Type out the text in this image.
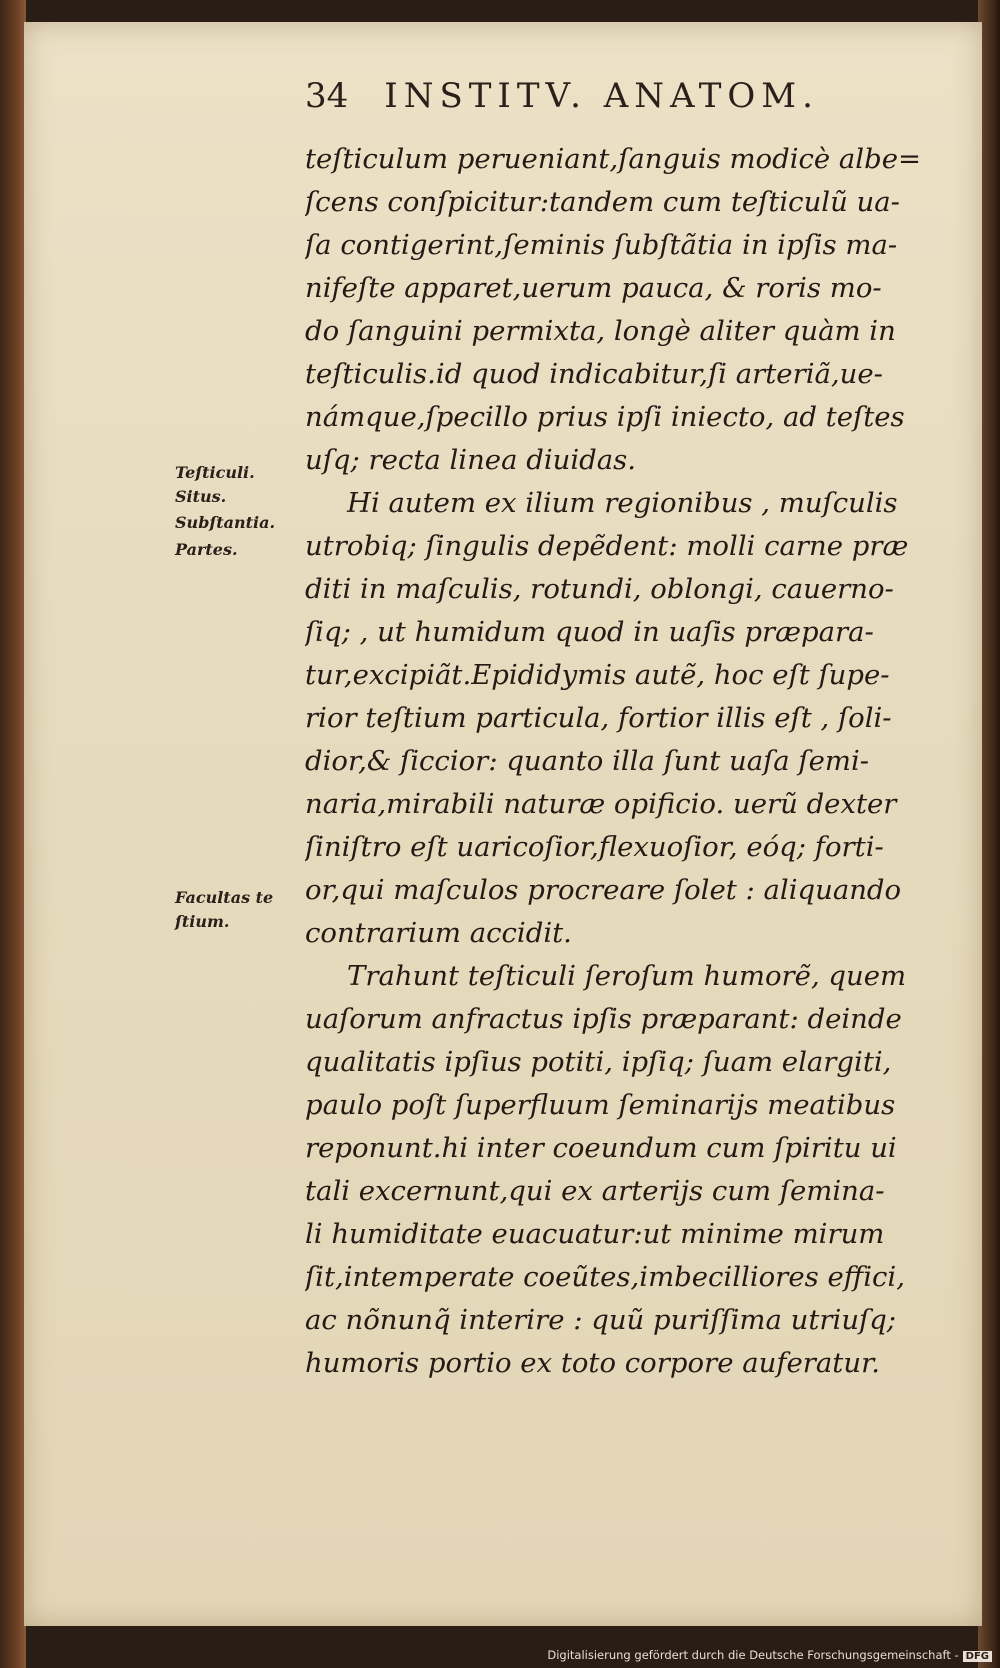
34 INSTITV. ANATOM.
Teſticuli.
Situs.
Subſtantia.
Partes.
Facultas te
ſtium.
teſticulum perueniant,ſanguis modicè albe=
ſcens conſpicitur:tandem cum teſticulũ ua-
ſa contigerint,ſeminis ſubſtãtia in ipſis ma-
nifeſte apparet,uerum pauca, & roris mo-
do ſanguini permixta, longè aliter quàm in
teſticulis.id quod indicabitur,ſi arteriã,ue-
námque,ſpecillo prius ipſi iniecto, ad teſtes
uſq; recta linea diuidas.
Hi autem ex ilium regionibus , muſculis
utrobiq; ſingulis depẽdent: molli carne præ
diti in maſculis, rotundi, oblongi, cauerno-
ſiq; , ut humidum quod in uaſis præpara-
tur,excipiãt.Epididymis autẽ, hoc eſt ſupe-
rior teſtium particula, fortior illis eſt , ſoli-
dior,& ſiccior: quanto illa ſunt uaſa ſemi-
naria,mirabili naturæ opificio. uerũ dexter
ſiniſtro eſt uaricoſior,flexuoſior, eóq; forti-
or,qui maſculos procreare ſolet : aliquando
contrarium accidit.
Trahunt teſticuli ſeroſum humorẽ, quem
uaſorum anfractus ipſis præparant: deinde
qualitatis ipſius potiti, ipſiq; ſuam elargiti,
paulo poſt ſuperfluum ſeminarijs meatibus
reponunt.hi inter coeundum cum ſpiritu ui
tali excernunt,qui ex arterijs cum ſemina-
li humiditate euacuatur:ut minime mirum
ſit,intemperate coeũtes,imbecilliores effici,
ac nõnunq̃ interire : quũ puriſſima utriuſq;
humoris portio ex toto corpore auferatur.
Digitalisierung gefördert durch die Deutsche Forschungsgemeinschaft - DFG
